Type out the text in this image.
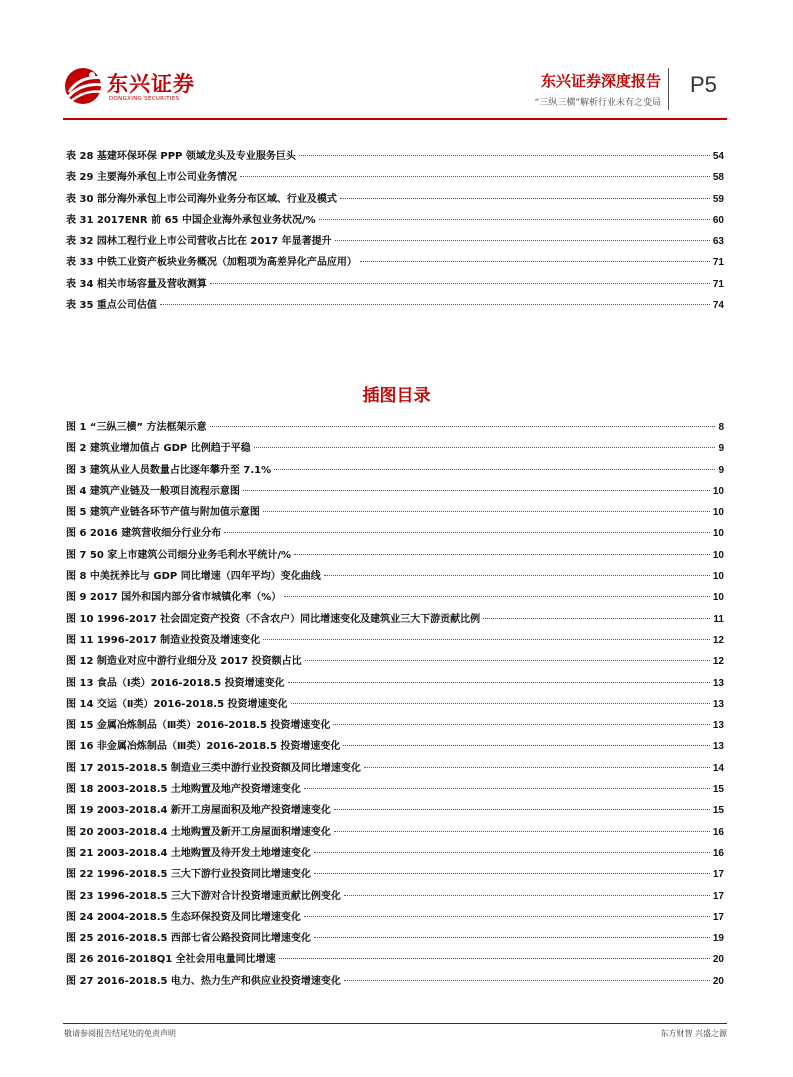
东兴证券
DONGXING SECURITIES
东兴证券深度报告
“三纵三横”解析行业未有之变局
P5
表 28 基建环保环保 PPP 领域龙头及专业服务巨头	54
表 29 主要海外承包上市公司业务情况	58
表 30 部分海外承包上市公司海外业务分布区域、行业及模式	59
表 31 2017ENR 前 65 中国企业海外承包业务状况/%	60
表 32 园林工程行业上市公司营收占比在 2017 年显著提升	63
表 33 中铁工业资产板块业务概况（加粗项为高差异化产品应用）	71
表 34 相关市场容量及营收测算	71
表 35 重点公司估值	74
插图目录
图 1 “三纵三横” 方法框架示意	8
图 2 建筑业增加值占 GDP 比例趋于平稳	9
图 3 建筑从业人员数量占比逐年攀升至 7.1%	9
图 4 建筑产业链及一般项目流程示意图	10
图 5 建筑产业链各环节产值与附加值示意图	10
图 6 2016 建筑营收细分行业分布	10
图 7 50 家上市建筑公司细分业务毛利水平统计/%	10
图 8 中美抚养比与 GDP 同比增速（四年平均）变化曲线	10
图 9 2017 国外和国内部分省市城镇化率（%）	10
图 10 1996-2017 社会固定资产投资（不含农户）同比增速变化及建筑业三大下游贡献比例	11
图 11 1996-2017 制造业投资及增速变化	12
图 12 制造业对应中游行业细分及 2017 投资额占比	12
图 13 食品（Ⅰ类）2016-2018.5 投资增速变化	13
图 14 交运（Ⅱ类）2016-2018.5 投资增速变化	13
图 15 金属冶炼制品（Ⅲ类）2016-2018.5 投资增速变化	13
图 16 非金属冶炼制品（Ⅲ类）2016-2018.5 投资增速变化	13
图 17 2015-2018.5 制造业三类中游行业投资额及同比增速变化	14
图 18 2003-2018.5 土地购置及地产投资增速变化	15
图 19 2003-2018.4 新开工房屋面积及地产投资增速变化	15
图 20 2003-2018.4 土地购置及新开工房屋面积增速变化	16
图 21 2003-2018.4 土地购置及待开发土地增速变化	16
图 22 1996-2018.5 三大下游行业投资同比增速变化	17
图 23 1996-2018.5 三大下游对合计投资增速贡献比例变化	17
图 24 2004-2018.5 生态环保投资及同比增速变化	17
图 25 2016-2018.5 西部七省公路投资同比增速变化	19
图 26 2016-2018Q1 全社会用电量同比增速	20
图 27 2016-2018.5 电力、热力生产和供应业投资增速变化	20
敬请参阅报告结尾处的免责声明	东方财智 兴盛之源
